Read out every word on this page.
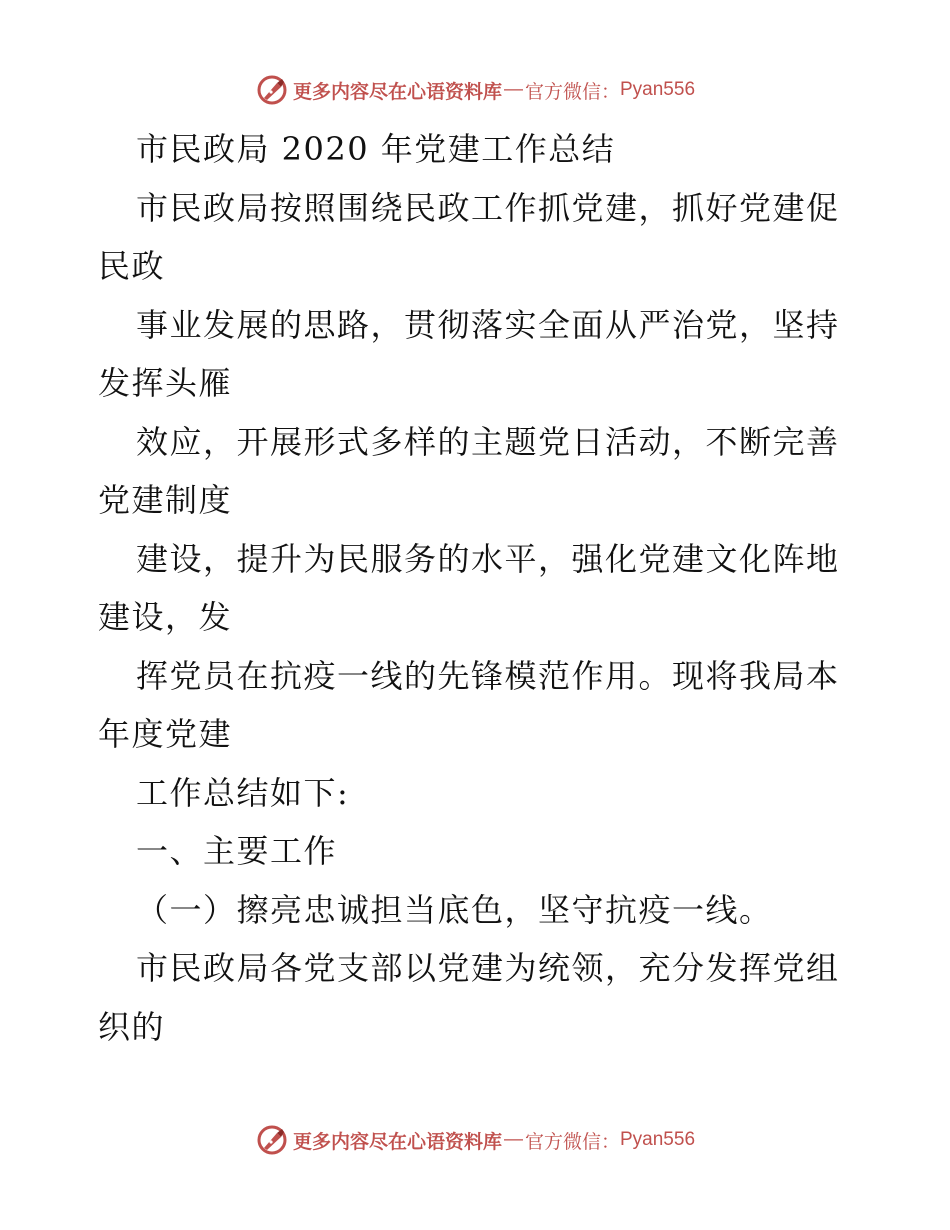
更多内容尽在心语资料库 — 官方微信： Pyan556
市民政局 2020 年党建工作总结
市民政局按照围绕民政工作抓党建，抓好党建促
民政
事业发展的思路，贯彻落实全面从严治党，坚持
发挥头雁
效应，开展形式多样的主题党日活动，不断完善
党建制度
建设，提升为民服务的水平，强化党建文化阵地
建设，发
挥党员在抗疫一线的先锋模范作用。现将我局本
年度党建
工作总结如下:
一、主要工作
（一）擦亮忠诚担当底色，坚守抗疫一线。
市民政局各党支部以党建为统领，充分发挥党组
织的
更多内容尽在心语资料库 — 官方微信： Pyan556
